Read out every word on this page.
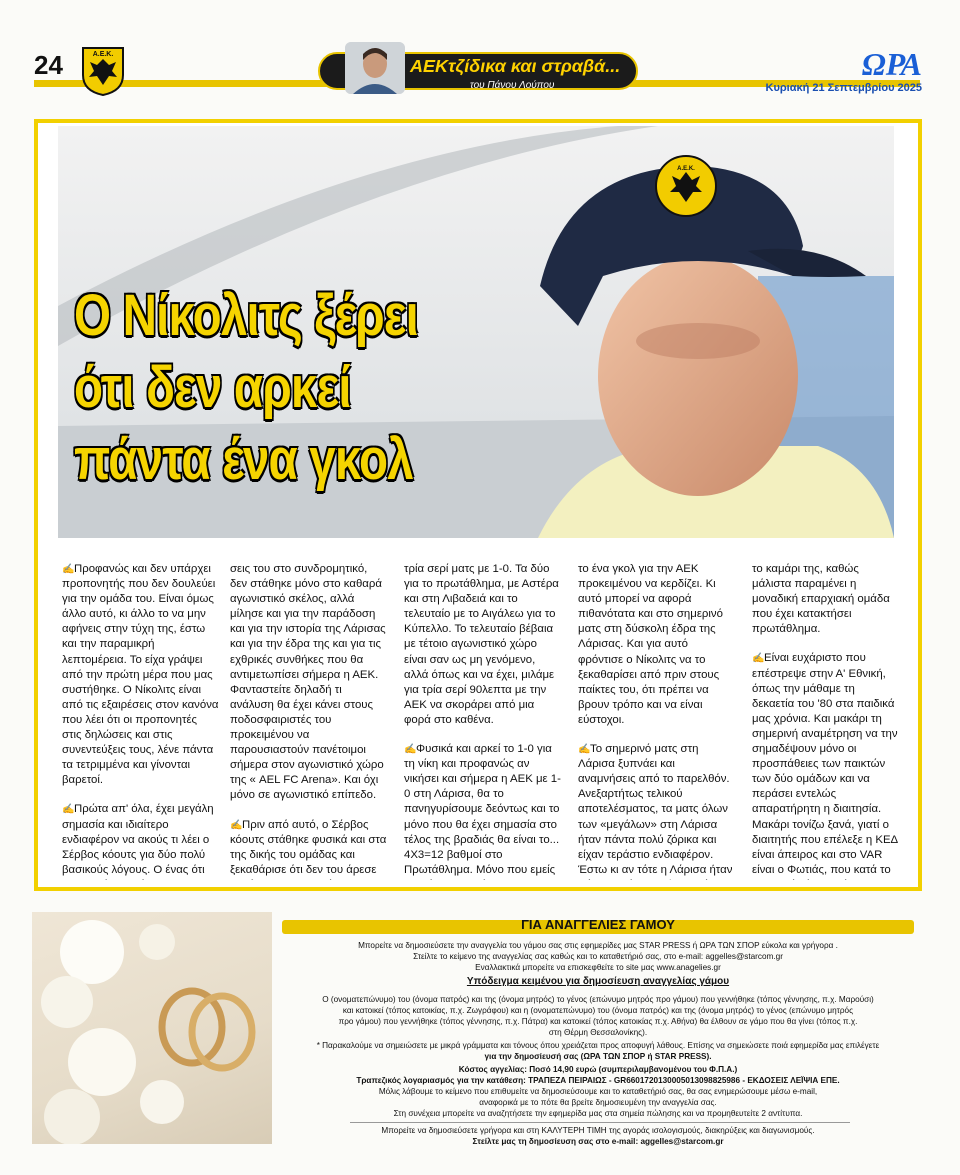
24	Α.Ε.Κ.
ΑΕΚτζίδικα και στραβά...
του Πάνου Λούπου
ΩΡΑ
Κυριακή 21 Σεπτεμβρίου 2025
Α.Ε.Κ.
Ο Νίκολιτς ξέρει
ότι δεν αρκεί
πάντα ένα γκολ

✍Προφανώς και δεν υπάρχει προπονητής που δεν δουλεύει για την ομάδα του. Είναι όμως άλλο αυτό, κι άλλο το να μην αφήνεις στην τύχη της, έστω και την παραμικρή λεπτομέρεια. Το είχα γράψει από την πρώτη μέρα που μας συστήθηκε. Ο Νίκολιτς είναι από τις εξαιρέσεις στον κανόνα που λέει ότι οι προπονητές στις δηλώσεις και στις συνεντεύξεις τους, λένε πάντα τα τετριμμένα και γίνονται βαρετοί.

✍Πρώτα απ' όλα, έχει μεγάλη σημασία και ιδιαίτερο ενδιαφέρον να ακούς τι λέει ο Σέρβος κόουτς για δύο πολύ βασικούς λόγους. Ο ένας ότι

σεις του στο συνδρομητικό, δεν στάθηκε μόνο στο καθαρά αγωνιστικό σκέλος, αλλά μίλησε και για την παράδοση και για την ιστορία της Λάρισας και για την έδρα της και για τις εχθρικές συνθήκες που θα αντιμετωπίσει σήμερα η ΑΕΚ. Φανταστείτε δηλαδή τι ανάλυση θα έχει κάνει στους ποδοσφαιριστές του προκειμένου να παρουσιαστούν πανέτοιμοι σήμερα στον αγωνιστικό χώρο της « AEL FC Arena». Και όχι μόνο σε αγωνιστικό επίπεδο.

✍Πριν από αυτό, ο Σέρβος κόουτς στάθηκε φυσικά και στα της δικής του ομάδας και ξεκαθάρισε ότι δεν του άρεσε

τρία σερί ματς με 1-0. Τα δύο για το πρωτάθλημα, με Αστέρα και στη Λιβαδειά και το τελευταίο με το Αιγάλεω για το Κύπελλο. Το τελευταίο βέβαια με τέτοιο αγωνιστικό χώρο είναι σαν ως μη γενόμενο, αλλά όπως και να έχει, μιλάμε για τρία σερί 90λεπτα με την ΑΕΚ να σκοράρει από μια φορά στο καθένα.

✍Φυσικά και αρκεί το 1-0 για τη νίκη και προφανώς αν νικήσει και σήμερα η ΑΕΚ με 1-0 στη Λάρισα, θα το πανηγυρίσουμε δεόντως και το μόνο που θα έχει σημασία στο τέλος της βραδιάς θα είναι το... 4Χ3=12 βαθμοί στο Πρωτάθλημα. Μόνο που εμείς

το ένα γκολ για την ΑΕΚ προκειμένου να κερδίζει. Κι αυτό μπορεί να αφορά πιθανότατα και στο σημερινό ματς στη δύσκολη έδρα της Λάρισας. Και για αυτό φρόντισε ο Νίκολιτς να το ξεκαθαρίσει από πριν στους παίκτες του, ότι πρέπει να βρουν τρόπο και να είναι εύστοχοι.

✍Το σημερινό ματς στη Λάρισα ξυπνάει και αναμνήσεις από το παρελθόν. Ανεξαρτήτως τελικού αποτελέσματος, τα ματς όλων των «μεγάλων» στη Λάρισα ήταν πάντα πολύ ζόρικα και είχαν τεράστιο ενδιαφέρον. Έστω κι αν τότε η Λάρισα ήταν

το καμάρι της, καθώς μάλιστα παραμένει η μοναδική επαρχιακή ομάδα που έχει κατακτήσει πρωτάθλημα.

✍Είναι ευχάριστο που επέστρεψε στην Α' Εθνική, όπως την μάθαμε τη δεκαετία του '80 στα παιδικά μας χρόνια. Και μακάρι τη σημερινή αναμέτρηση να την σημαδέψουν μόνο οι προσπάθειες των παικτών των δύο ομάδων και να περάσει εντελώς απαρατήρητη η διαιτησία. Μακάρι τονίζω ξανά, γιατί ο διαιτητής που επέλεξε η ΚΕΔ είναι άπειρος και στο VAR είναι ο Φωτιάς, που κατά το

ΓΙΑ ΑΝΑΓΓΕΛΙΕΣ ΓΑΜΟΥ
Μπορείτε να δημοσιεύσετε την αναγγελία του γάμου σας στις εφημερίδες μας STAR PRESS ή ΩΡΑ ΤΩΝ ΣΠΟΡ εύκολα και γρήγορα .
Στείλτε το κείμενο της αναγγελίας σας καθώς και το καταθετήριό σας, στο e-mail: aggelles@starcom.gr
Εναλλακτικά μπορείτε να επισκεφθείτε το site μας www.anagelies.gr
Υπόδειγμα κειμένου για δημοσίευση αναγγελίας γάμου
Ο (ονοματεπώνυμο) του (όνομα πατρός) και της (όνομα μητρός) το γένος (επώνυμο μητρός προ γάμου) που γεννήθηκε (τόπος γέννησης, π.χ. Μαρούσι)
και κατοικεί (τόπος κατοικίας, π.χ. Ζωγράφου) και η (ονοματεπώνυμο) του (όνομα πατρός) και της (όνομα μητρός) το γένος (επώνυμο μητρός
προ γάμου) που γεννήθηκε (τόπος γέννησης, π.χ. Πάτρα) και κατοικεί (τόπος κατοικίας π.χ. Αθήνα) θα έλθουν σε γάμο που θα γίνει (τόπος π.χ.
στη Θέρμη Θεσσαλονίκης).
* Παρακαλούμε να σημειώσετε με μικρά γράμματα και τόνους όπου χρειάζεται προς αποφυγή λάθους. Επίσης να σημειώσετε ποιά εφημερίδα μας επιλέγετε
για την δημοσίευσή σας (ΩΡΑ ΤΩΝ ΣΠΟΡ ή STAR PRESS).
Κόστος αγγελίας: Ποσό 14,90 ευρώ (συμπεριλαμβανομένου του Φ.Π.Α.)
Τραπεζικός λογαριασμός για την κατάθεση: ΤΡΑΠΕΖΑ ΠΕΙΡΑΙΩΣ - GR6601720130005013098825986 - ΕΚΔΟΣΕΙΣ ΛΕΪΨΙΑ ΕΠΕ.
Μόλις λάβουμε το κείμενο που επιθυμείτε να δημοσιεύσουμε και το καταθετήριό σας, θα σας ενημερώσουμε μέσω e-mail,
αναφορικά με το πότε θα βρείτε δημοσιευμένη την αναγγελία σας.
Στη συνέχεια μπορείτε να αναζητήσετε την εφημερίδα μας στα σημεία πώλησης και να προμηθευτείτε 2 αντίτυπα.
Μπορείτε να δημοσιεύσετε γρήγορα και στη ΚΑΛΥΤΕΡΗ ΤΙΜΗ της αγοράς ισολογισμούς, διακηρύξεις και διαγωνισμούς.
Στείλτε μας τη δημοσίευση σας στο e-mail: aggelles@starcom.gr
